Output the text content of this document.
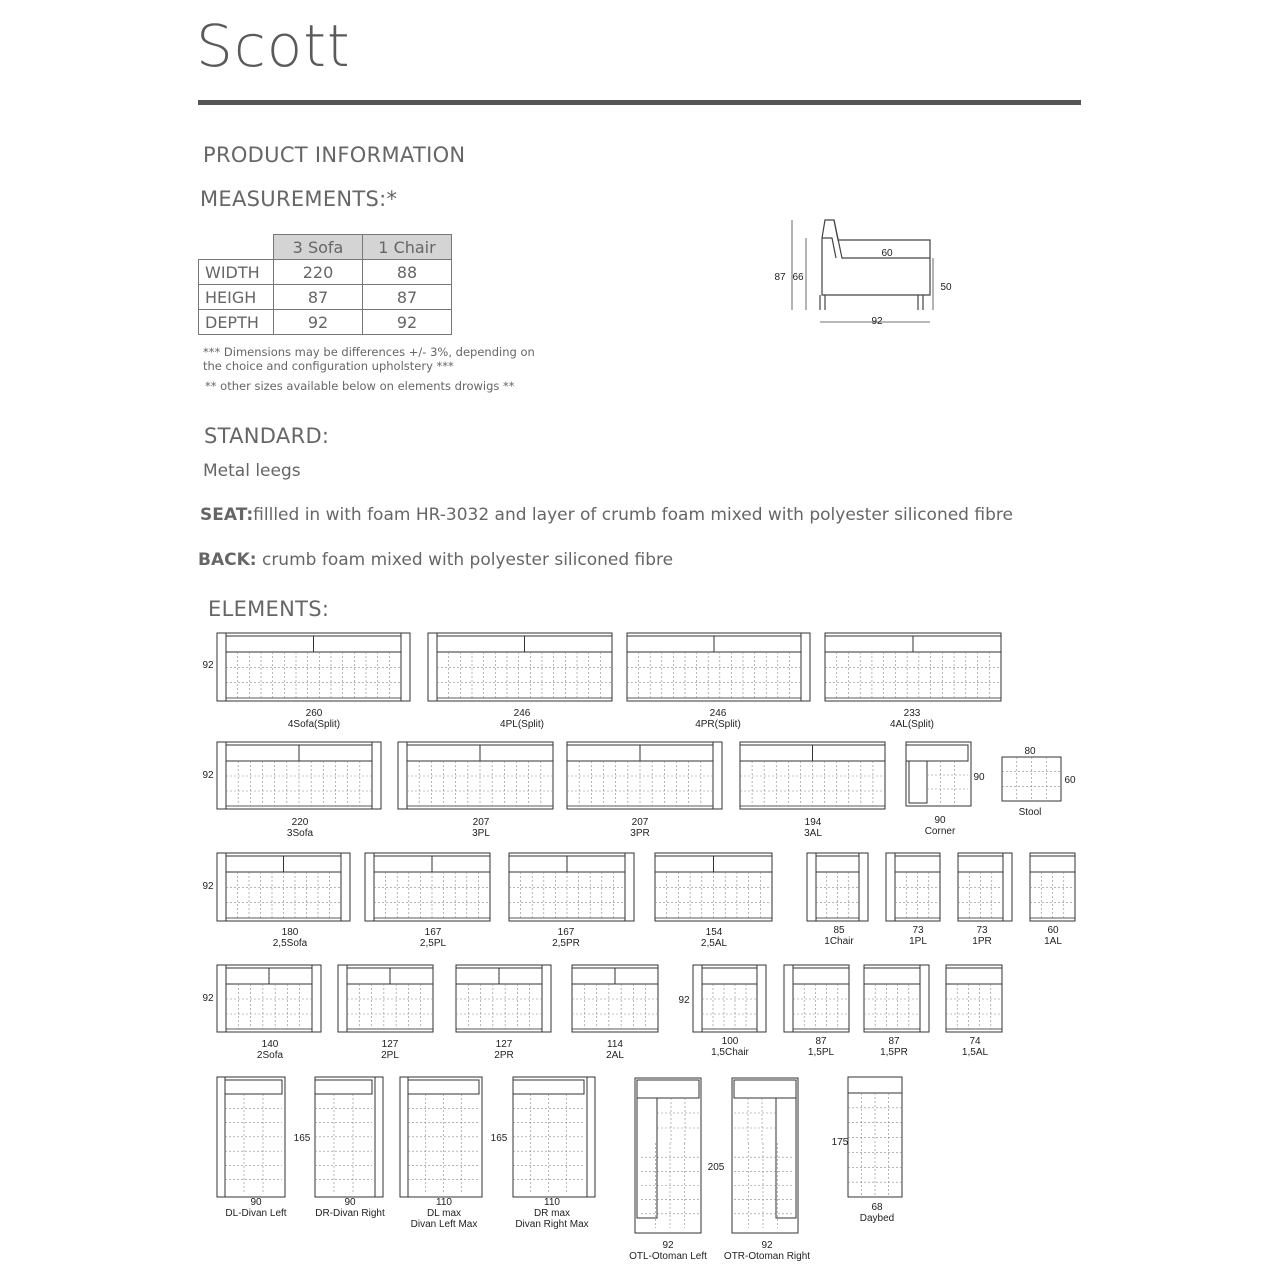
Scott
PRODUCT INFORMATION
MEASUREMENTS:*
	3 Sofa	1 Chair
WIDTH	220	88
HEIGH	87	87
DEPTH	92	92
*** Dimensions may be differences +/- 3%, depending on the choice and configuration upholstery ***
** other sizes available below on elements drowigs **
60
87 66
50
92
STANDARD:
Metal leegs
SEAT:fillled in with foam HR-3032 and layer of crumb foam mixed with polyester siliconed fibre
BACK: crumb foam mixed with polyester siliconed fibre
ELEMENTS:
92
260
4Sofa(Split)
246
4PL(Split)
246
4PR(Split)
233
4AL(Split)
92
220
3Sofa
207
3PL
207
3PR
194
3AL
90
90
Corner
80
60
Stool
92
180
2,5Sofa
167
2,5PL
167
2,5PR
154
2,5AL
85
1Chair
73
1PL
73
1PR
60
1AL
92
140
2Sofa
127
2PL
127
2PR
114
2AL
92
100
1,5Chair
87
1,5PL
87
1,5PR
74
1,5AL
90
DL-Divan Left
90
DR-Divan Right
165
110
DL max
Divan Left Max
110
DR max
Divan Right Max
165
92
OTL-Otoman Left
92
OTR-Otoman Right
205
175
68
Daybed
